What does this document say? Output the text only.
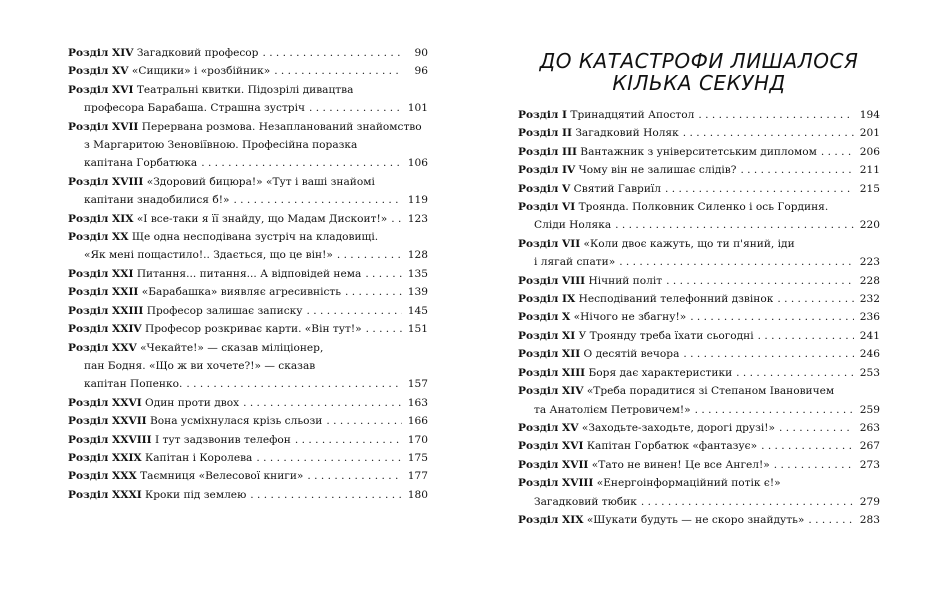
Розділ XIV Загадковий професор . . .	90
Розділ XV «Сищики» і «розбійник» . . .	96
Розділ XVI Театральні квитки. Підозрілі дивацтва
професора Барабаша. Страшна зустріч . . .	101
Розділ XVII Перервана розмова. Незапланований знайомство
з Маргаритою Зеновіївною. Професійна поразка
капітана Горбатюка . . .	106
Розділ XVIII «Здоровий бицюра!» «Тут і ваші знайомі
капітани знадобилися б!» . . .	119
Розділ XIX «І все-таки я її знайду, що Мадам Дискоит!» . . . 123
Розділ XX Ще одна несподівана зустріч на кладовищі.
«Як мені пощастило!.. Здається, що це він!» . . .	128
Розділ XXI Питання... питання... А відповідей нема . . .	135
Розділ XXII «Барабашка» виявляє агресивність . . .	139
Розділ XXIII Професор залишає записку . . .	145
Розділ XXIV Професор розкриває карти. «Він тут!» . . .	151
Розділ XXV «Чекайте!» — сказав міліціонер,
пан Бодня. «Що ж ви хочете?!» — сказав
капітан Попенко. . . .	157
Розділ XXVI Один проти двох . . .	163
Розділ XXVII Вона усміхнулася крізь сльози . . .	166
Розділ XXVIII І тут задзвонив телефон . . .	170
Розділ XXIX Капітан і Королева . . .	175
Розділ XXX Таємниця «Велесової книги» . . .	177
Розділ XXXI Кроки під землею . . .	180
ДО КАТАСТРОФИ ЛИШАЛОСЯ
КІЛЬКА СЕКУНД
Розділ I Тринадцятий Апостол . . .	194
Розділ II Загадковий Ноляк . . .	201
Розділ III Вантажник з університетським дипломом . . .	206
Розділ IV Чому він не залишає слідів? . . .	211
Розділ V Святий Гавриїл . . .	215
Розділ VI Троянда. Полковник Силенко і ось Гординя.
Сліди Ноляка . . .	220
Розділ VII «Коли двоє кажуть, що ти п'яний, іди
і лягай спати» . . .	223
Розділ VIII Нічний політ . . .	228
Розділ IX Несподіваний телефонний дзвінок . . .	232
Розділ X «Нічого не збагну!» . . .	236
Розділ XI У Троянду треба їхати сьогодні . . .	241
Розділ XII О десятій вечора . . .	246
Розділ XIII Боря дає характеристики . . .	253
Розділ XIV «Треба порадитися зі Степаном Івановичем
та Анатолієм Петровичем!» . . .	259
Розділ XV «Заходьте-заходьте, дорогі друзі!» . . .	263
Розділ XVI Капітан Горбатюк «фантазує» . . .	267
Розділ XVII «Тато не винен! Це все Ангел!» . . .	273
Розділ XVIII «Енергоінформаційний потік є!»
Загадковий тюбик . . .	279
Розділ XIX «Шукати будуть — не скоро знайдуть» . . .	283
